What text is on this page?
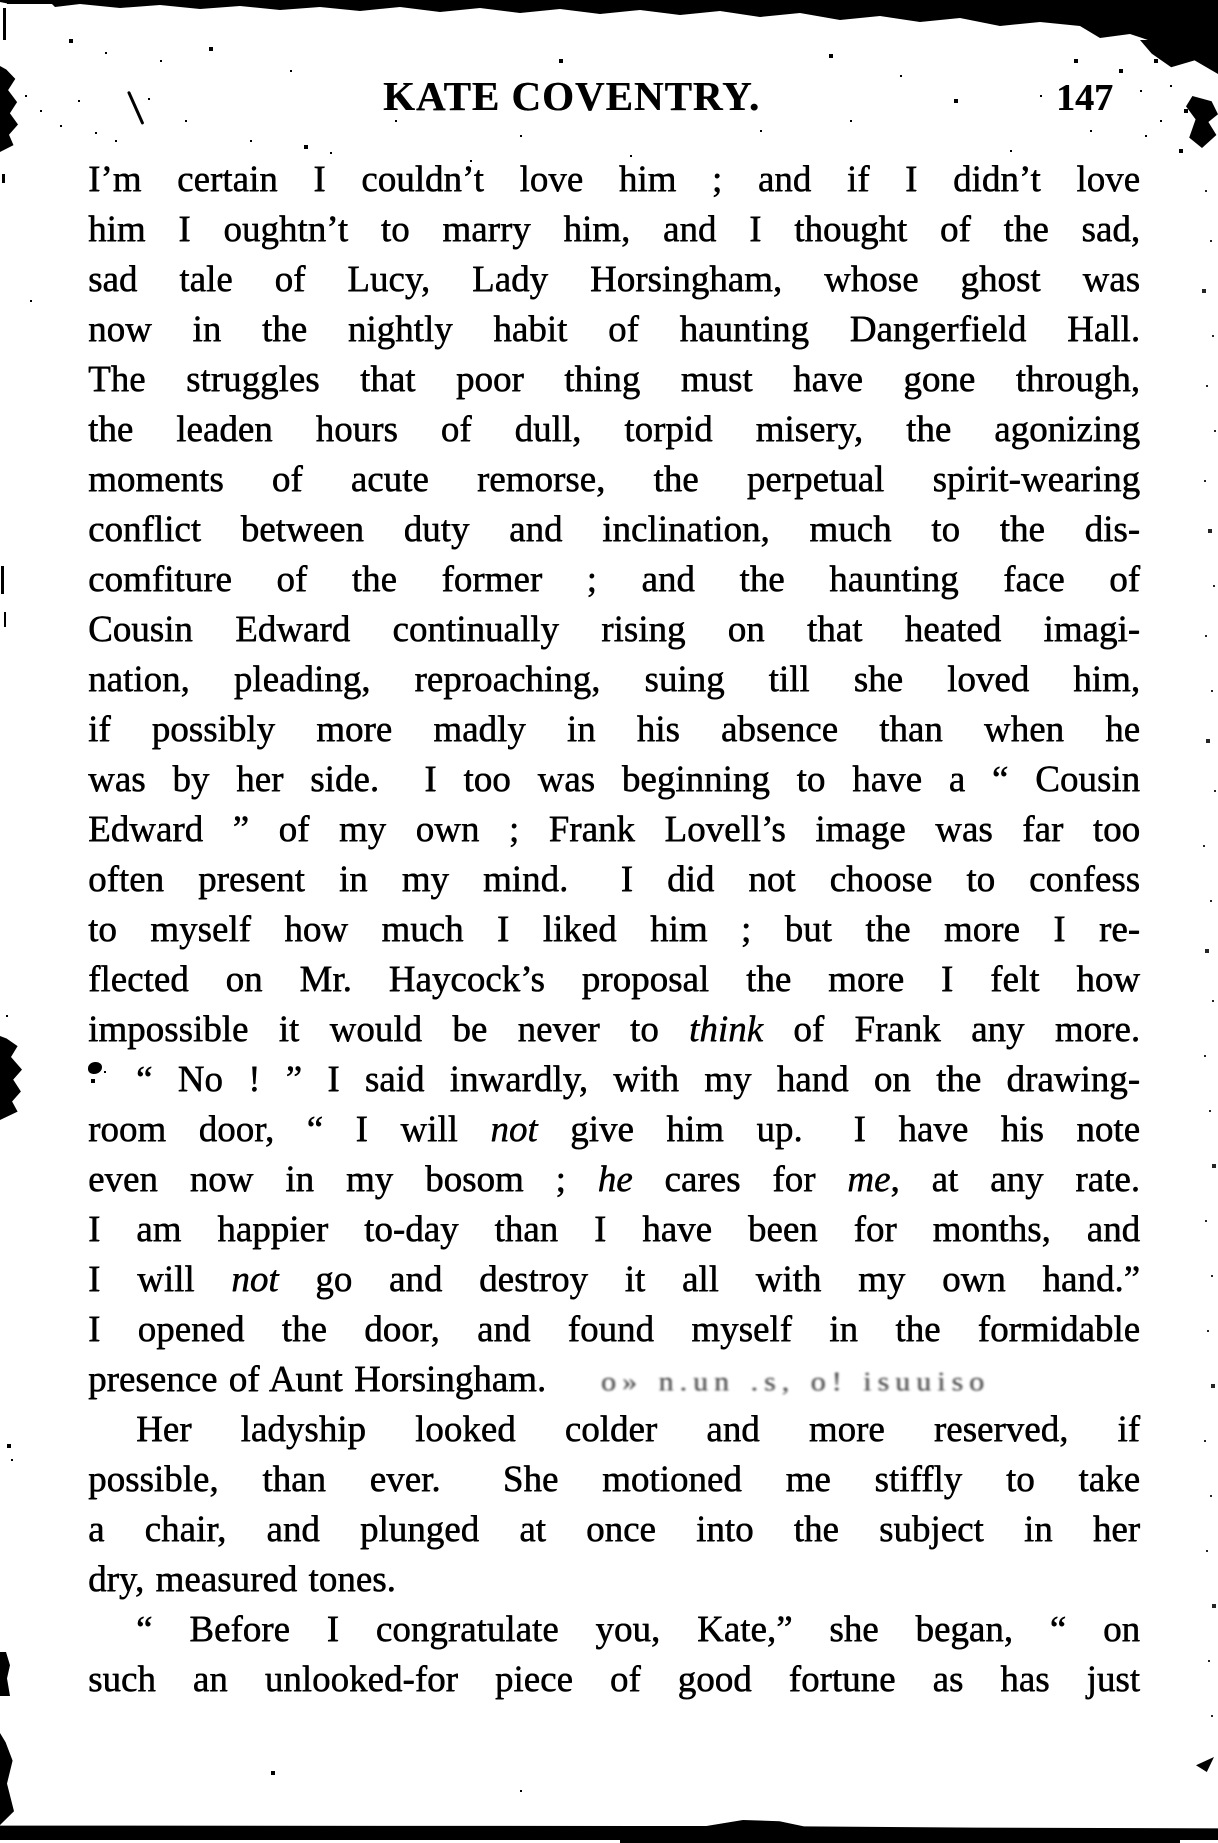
KATE COVENTRY.	147
I’m certain I couldn’t love him ; and if I didn’t love
him I oughtn’t to marry him, and I thought of the sad,
sad tale of Lucy, Lady Horsingham, whose ghost was
now in the nightly habit of haunting Dangerfield Hall.
The struggles that poor thing must have gone through,
the leaden hours of dull, torpid misery, the agonizing
moments of acute remorse, the perpetual spirit-wearing
conflict between duty and inclination, much to the dis-
comfiture of the former ; and the haunting face of
Cousin Edward continually rising on that heated imagi-
nation, pleading, reproaching, suing till she loved him,
if possibly more madly in his absence than when he
was by her side.  I too was beginning to have a “ Cousin
Edward ” of my own ; Frank Lovell’s image was far too
often present in my mind.  I did not choose to confess
to myself how much I liked him ; but the more I re-
flected on Mr. Haycock’s proposal the more I felt how
impossible it would be never to think of Frank any more.
“ No ! ” I said inwardly, with my hand on the drawing-
room door, “ I will not give him up.  I have his note
even now in my bosom ; he cares for me, at any rate.
I am happier to-day than I have been for months, and
I will not go and destroy it all with my own hand.”
I opened the door, and found myself in the formidable
presence of Aunt Horsingham. o» n.un .s, o! isuuiso
Her ladyship looked colder and more reserved, if
possible, than ever.  She motioned me stiffly to take
a chair, and plunged at once into the subject in her
dry, measured tones.
“ Before I congratulate you, Kate,” she began, “ on
such an unlooked-for piece of good fortune as has just
